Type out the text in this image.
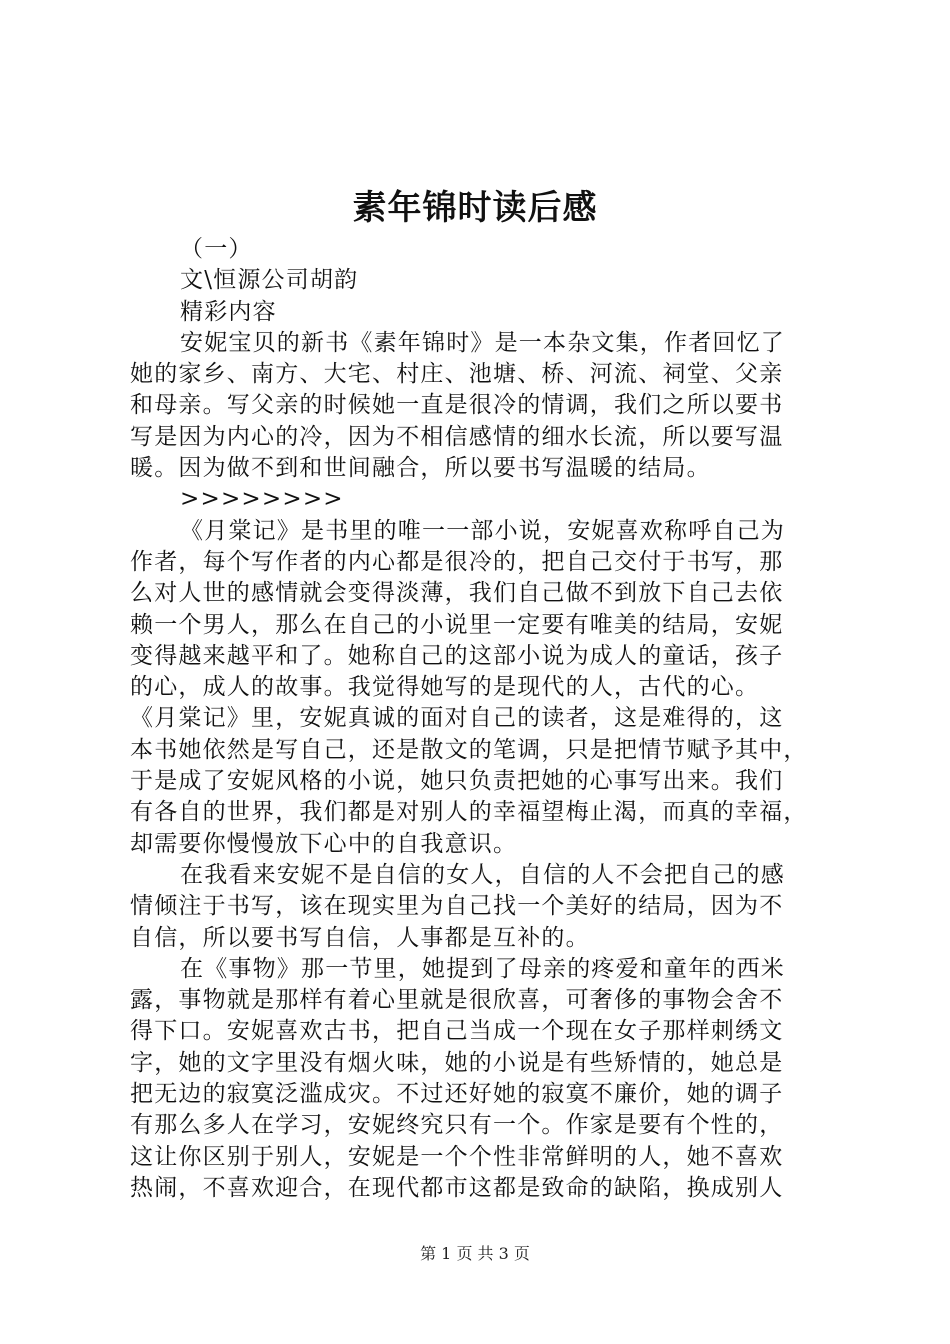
素年锦时读后感
（一）
文\恒源公司胡韵
精彩内容
安妮宝贝的新书《素年锦时》是一本杂文集，作者回忆了
她的家乡、南方、大宅、村庄、池塘、桥、河流、祠堂、父亲
和母亲。写父亲的时候她一直是很冷的情调，我们之所以要书
写是因为内心的冷，因为不相信感情的细水长流，所以要写温
暖。因为做不到和世间融合，所以要书写温暖的结局。
>>>>>>>>
《月棠记》是书里的唯一一部小说，安妮喜欢称呼自己为
作者，每个写作者的内心都是很冷的，把自己交付于书写，那
么对人世的感情就会变得淡薄，我们自己做不到放下自己去依
赖一个男人，那么在自己的小说里一定要有唯美的结局，安妮
变得越来越平和了。她称自己的这部小说为成人的童话，孩子
的心，成人的故事。我觉得她写的是现代的人，古代的心。
《月棠记》里，安妮真诚的面对自己的读者，这是难得的，这
本书她依然是写自己，还是散文的笔调，只是把情节赋予其中，
于是成了安妮风格的小说，她只负责把她的心事写出来。我们
有各自的世界，我们都是对别人的幸福望梅止渴，而真的幸福，
却需要你慢慢放下心中的自我意识。
在我看来安妮不是自信的女人，自信的人不会把自己的感
情倾注于书写，该在现实里为自己找一个美好的结局，因为不
自信，所以要书写自信，人事都是互补的。
在《事物》那一节里，她提到了母亲的疼爱和童年的西米
露，事物就是那样有着心里就是很欣喜，可奢侈的事物会舍不
得下口。安妮喜欢古书，把自己当成一个现在女子那样刺绣文
字，她的文字里没有烟火味，她的小说是有些矫情的，她总是
把无边的寂寞泛滥成灾。不过还好她的寂寞不廉价，她的调子
有那么多人在学习，安妮终究只有一个。作家是要有个性的，
这让你区别于别人，安妮是一个个性非常鲜明的人，她不喜欢
热闹，不喜欢迎合，在现代都市这都是致命的缺陷，换成别人
第 1 页 共 3 页
